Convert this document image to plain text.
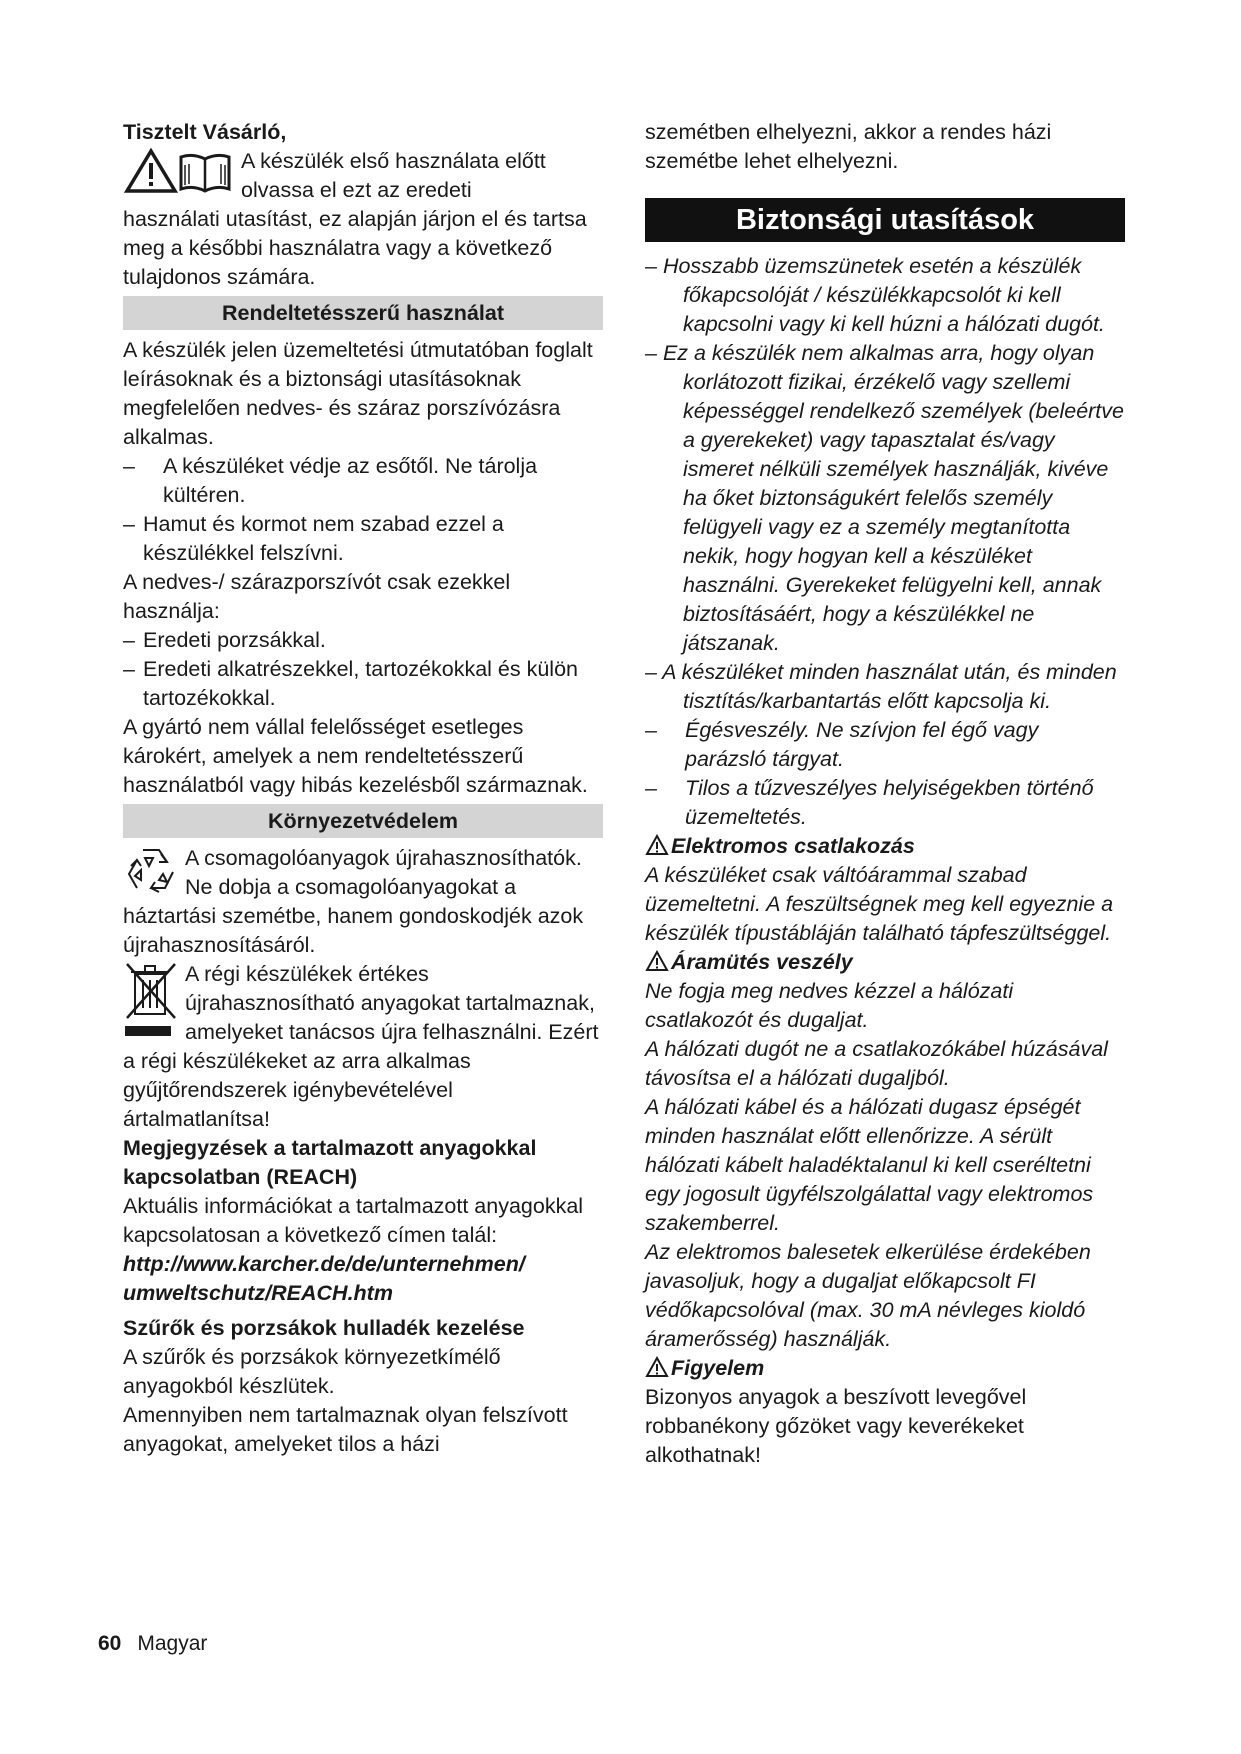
Tisztelt Vásárló,

A készülék első használata előtt olvassa el ezt az eredeti

használati utasítást, ez alapján járjon el és tartsa meg a későbbi használatra vagy a következő tulajdonos számára.

Rendeltetésszerű használat

A készülék jelen üzemeltetési útmutatóban foglalt leírásoknak és a biztonsági utasításoknak megfelelően nedves- és száraz porszívózásra alkalmas.

–	A készüléket védje az esőtől. Ne tárolja kültéren.
– Hamut és kormot nem szabad ezzel a készülékkel felszívni.

A nedves-/ szárazporszívót csak ezekkel használja:

– Eredeti porzsákkal.
– Eredeti alkatrészekkel, tartozékokkal és külön tartozékokkal.

A gyártó nem vállal felelősséget esetleges károkért, amelyek a nem rendeltetésszerű használatból vagy hibás kezelésből származnak.

Környezetvédelem

A csomagolóanyagok újrahasznosíthatók. Ne dobja a csomagolóanyagokat a háztartási szemétbe, hanem gondoskodjék azok újrahasznosításáról.

A régi készülékek értékes újrahasznosítható anyagokat tartalmaznak, amelyeket tanácsos újra felhasználni. Ezért a régi készülékeket az arra alkalmas gyűjtőrendszerek igénybevételével ártalmatlanítsa!

Megjegyzések a tartalmazott anyagokkal kapcsolatban (REACH)

Aktuális információkat a tartalmazott anyagokkal kapcsolatosan a következő címen talál:

http://www.karcher.de/de/unternehmen/ umweltschutz/REACH.htm

Szűrők és porzsákok hulladék kezelése

A szűrők és porzsákok környezetkímélő anyagokból készlütek.

Amennyiben nem tartalmaznak olyan felszívott anyagokat, amelyeket tilos a házi

szemétben elhelyezni, akkor a rendes házi szemétbe lehet elhelyezni.

Biztonsági utasítások

– Hosszabb üzemszünetek esetén a készülék főkapcsolóját / készülékkapcsolót ki kell kapcsolni vagy ki kell húzni a hálózati dugót.

– Ez a készülék nem alkalmas arra, hogy olyan korlátozott fizikai, érzékelő vagy szellemi képességgel rendelkező személyek (beleértve a gyerekeket) vagy tapasztalat és/vagy ismeret nélküli személyek használják, kivéve ha őket biztonságukért felelős személy felügyeli vagy ez a személy megtanította nekik, hogy hogyan kell a készüléket használni. Gyerekeket felügyelni kell, annak biztosításáért, hogy a készülékkel ne játszanak.

– A készüléket minden használat után, és minden tisztítás/karbantartás előtt kapcsolja ki.

–	Égésveszély. Ne szívjon fel égő vagy parázsló tárgyat.
–	Tilos a tűzveszélyes helyiségekben történő üzemeltetés.

Elektromos csatlakozás

A készüléket csak váltóárammal szabad üzemeltetni. A feszültségnek meg kell egyeznie a készülék típustábláján található tápfeszültséggel.

Áramütés veszély

Ne fogja meg nedves kézzel a hálózati csatlakozót és dugaljat.

A hálózati dugót ne a csatlakozókábel húzásával távosítsa el a hálózati dugaljból.

A hálózati kábel és a hálózati dugasz épségét minden használat előtt ellenőrizze. A sérült hálózati kábelt haladéktalanul ki kell cseréltetni egy jogosult ügyfélszolgálattal vagy elektromos szakemberrel.

Az elektromos balesetek elkerülése érdekében javasoljuk, hogy a dugaljat előkapcsolt FI védőkapcsolóval (max. 30 mA névleges kioldó áramerősség) használják.

Figyelem

Bizonyos anyagok a beszívott levegővel robbanékony gőzöket vagy keverékeket alkothatnak!

60 Magyar
